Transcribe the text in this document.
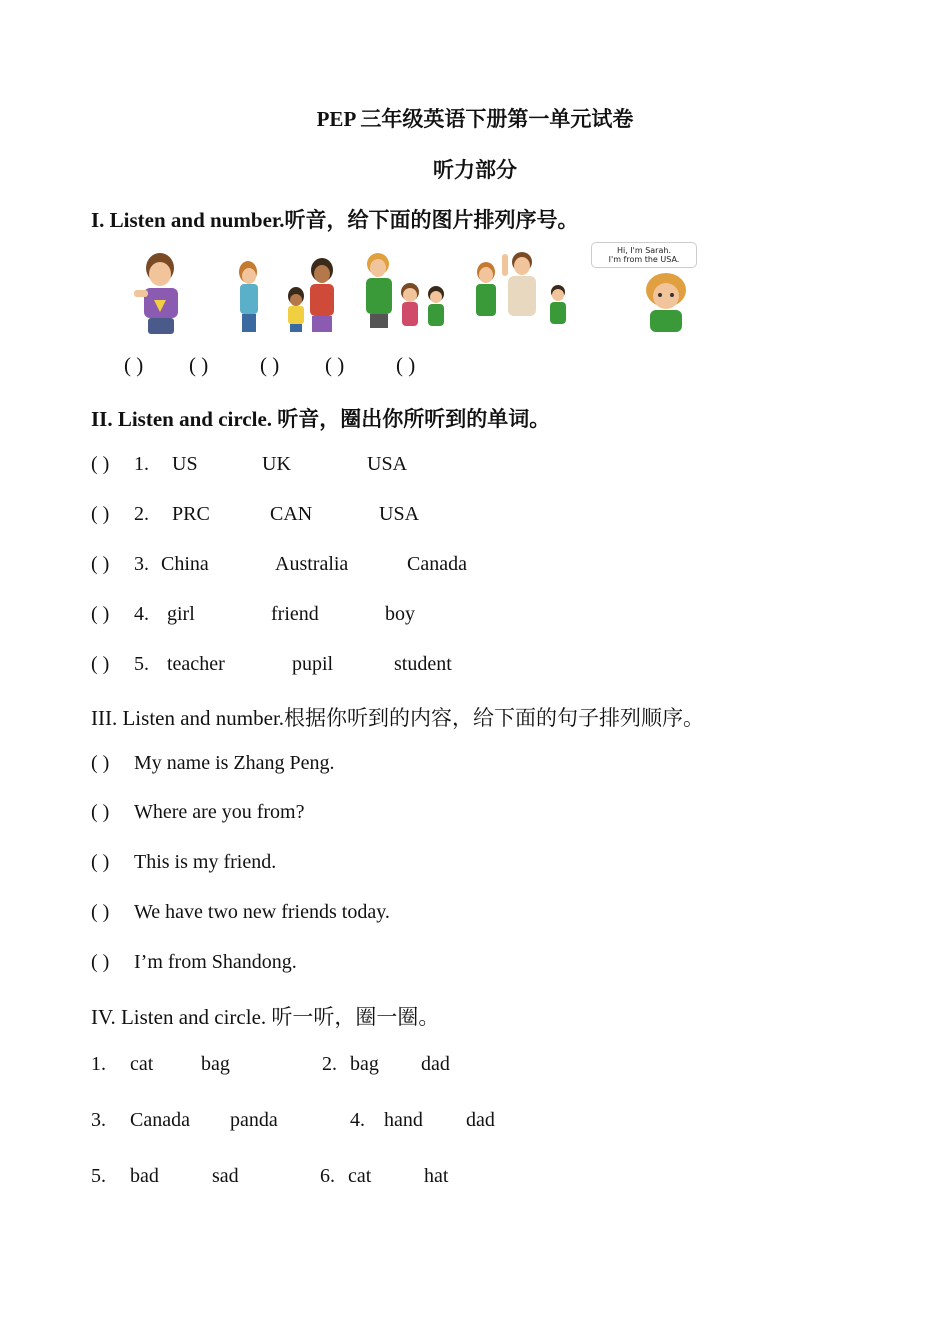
PEP 三年级英语下册第一单元试卷
听力部分
I. Listen and number.听音，给下面的图片排列序号。
Hi, I'm Sarah.
I'm from the USA.
( ) ( ) ( ) ( ) ( )
II. Listen and circle. 听音，圈出你所听到的单词。
( ) 1. US	UK	USA
( ) 2. PRC	CAN	USA
( ) 3. China	Australia	Canada
( ) 4. girl	friend	boy
( ) 5. teacher	pupil	student
III. Listen and number.根据你听到的内容，给下面的句子排列顺序。
( ) My name is Zhang Peng.
( ) Where are you from?
( ) This is my friend.
( ) We have two new friends today.
( ) I’m from Shandong.
IV. Listen and circle. 听一听，圈一圈。
1. cat bag	2. bag dad
3. Canada panda	4. hand dad
5. bad	sad	6. cat	hat
